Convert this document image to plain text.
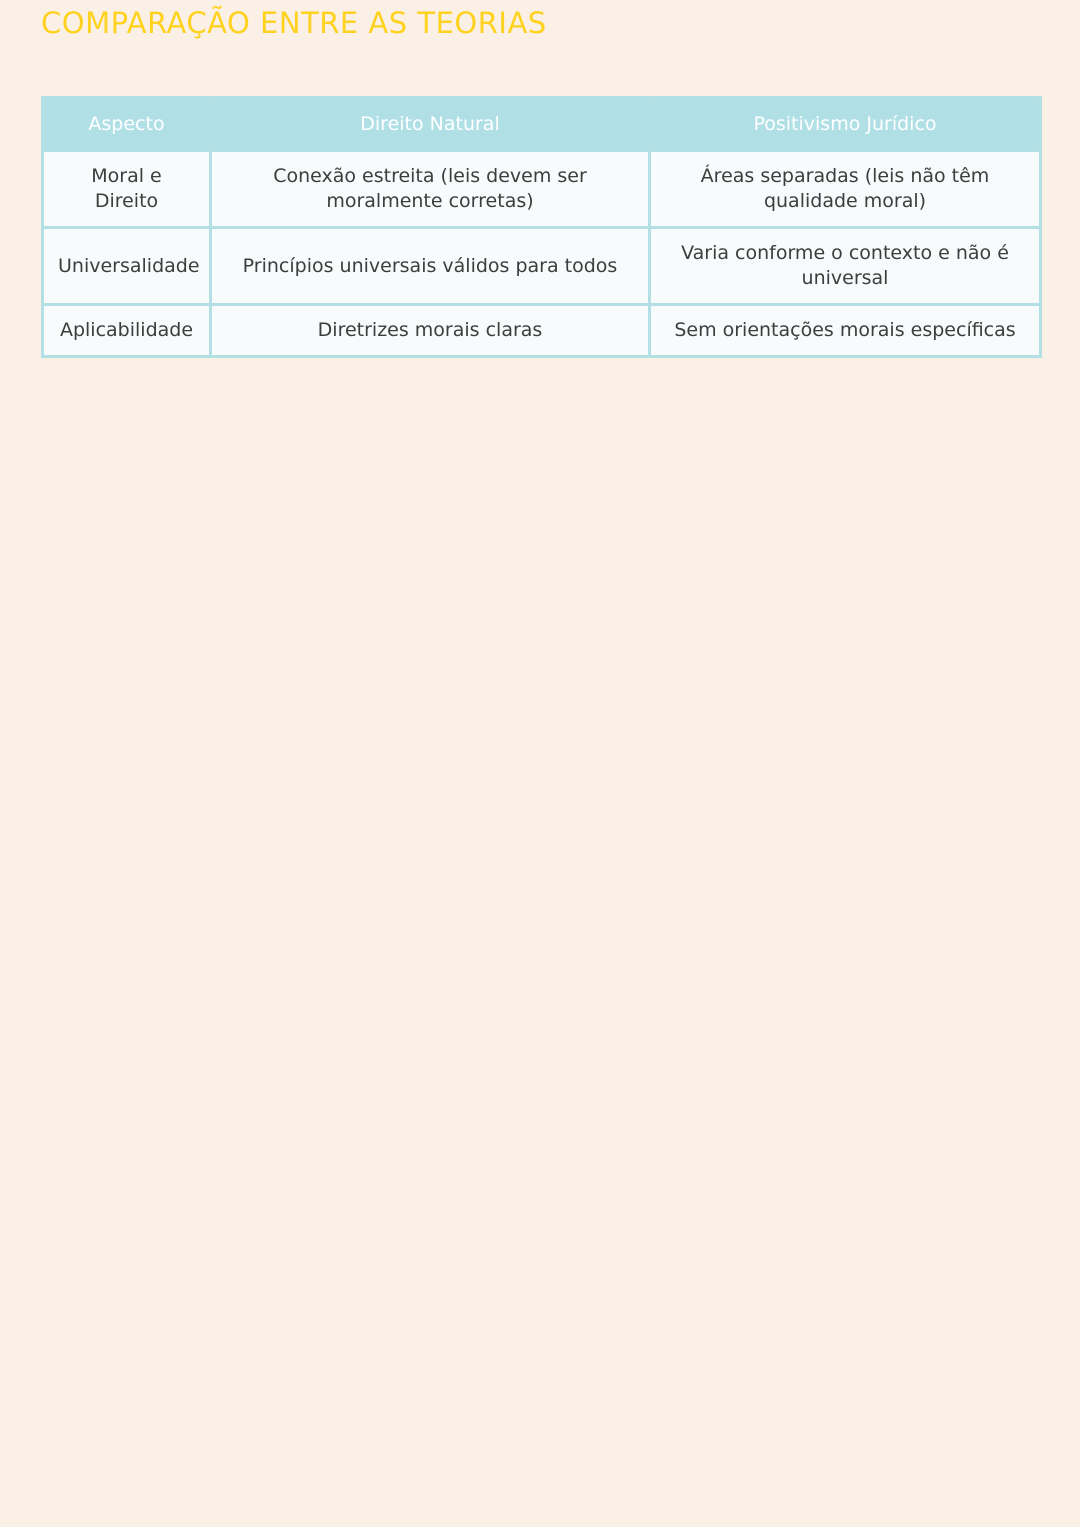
COMPARAÇÃO ENTRE AS TEORIAS
Aspecto	Direito Natural	Positivismo Jurídico
Moral e Direito	Conexão estreita (leis devem ser moralmente corretas)	Áreas separadas (leis não têm qualidade moral)
Universalidade	Princípios universais válidos para todos	Varia conforme o contexto e não é universal
Aplicabilidade	Diretrizes morais claras	Sem orientações morais específicas
